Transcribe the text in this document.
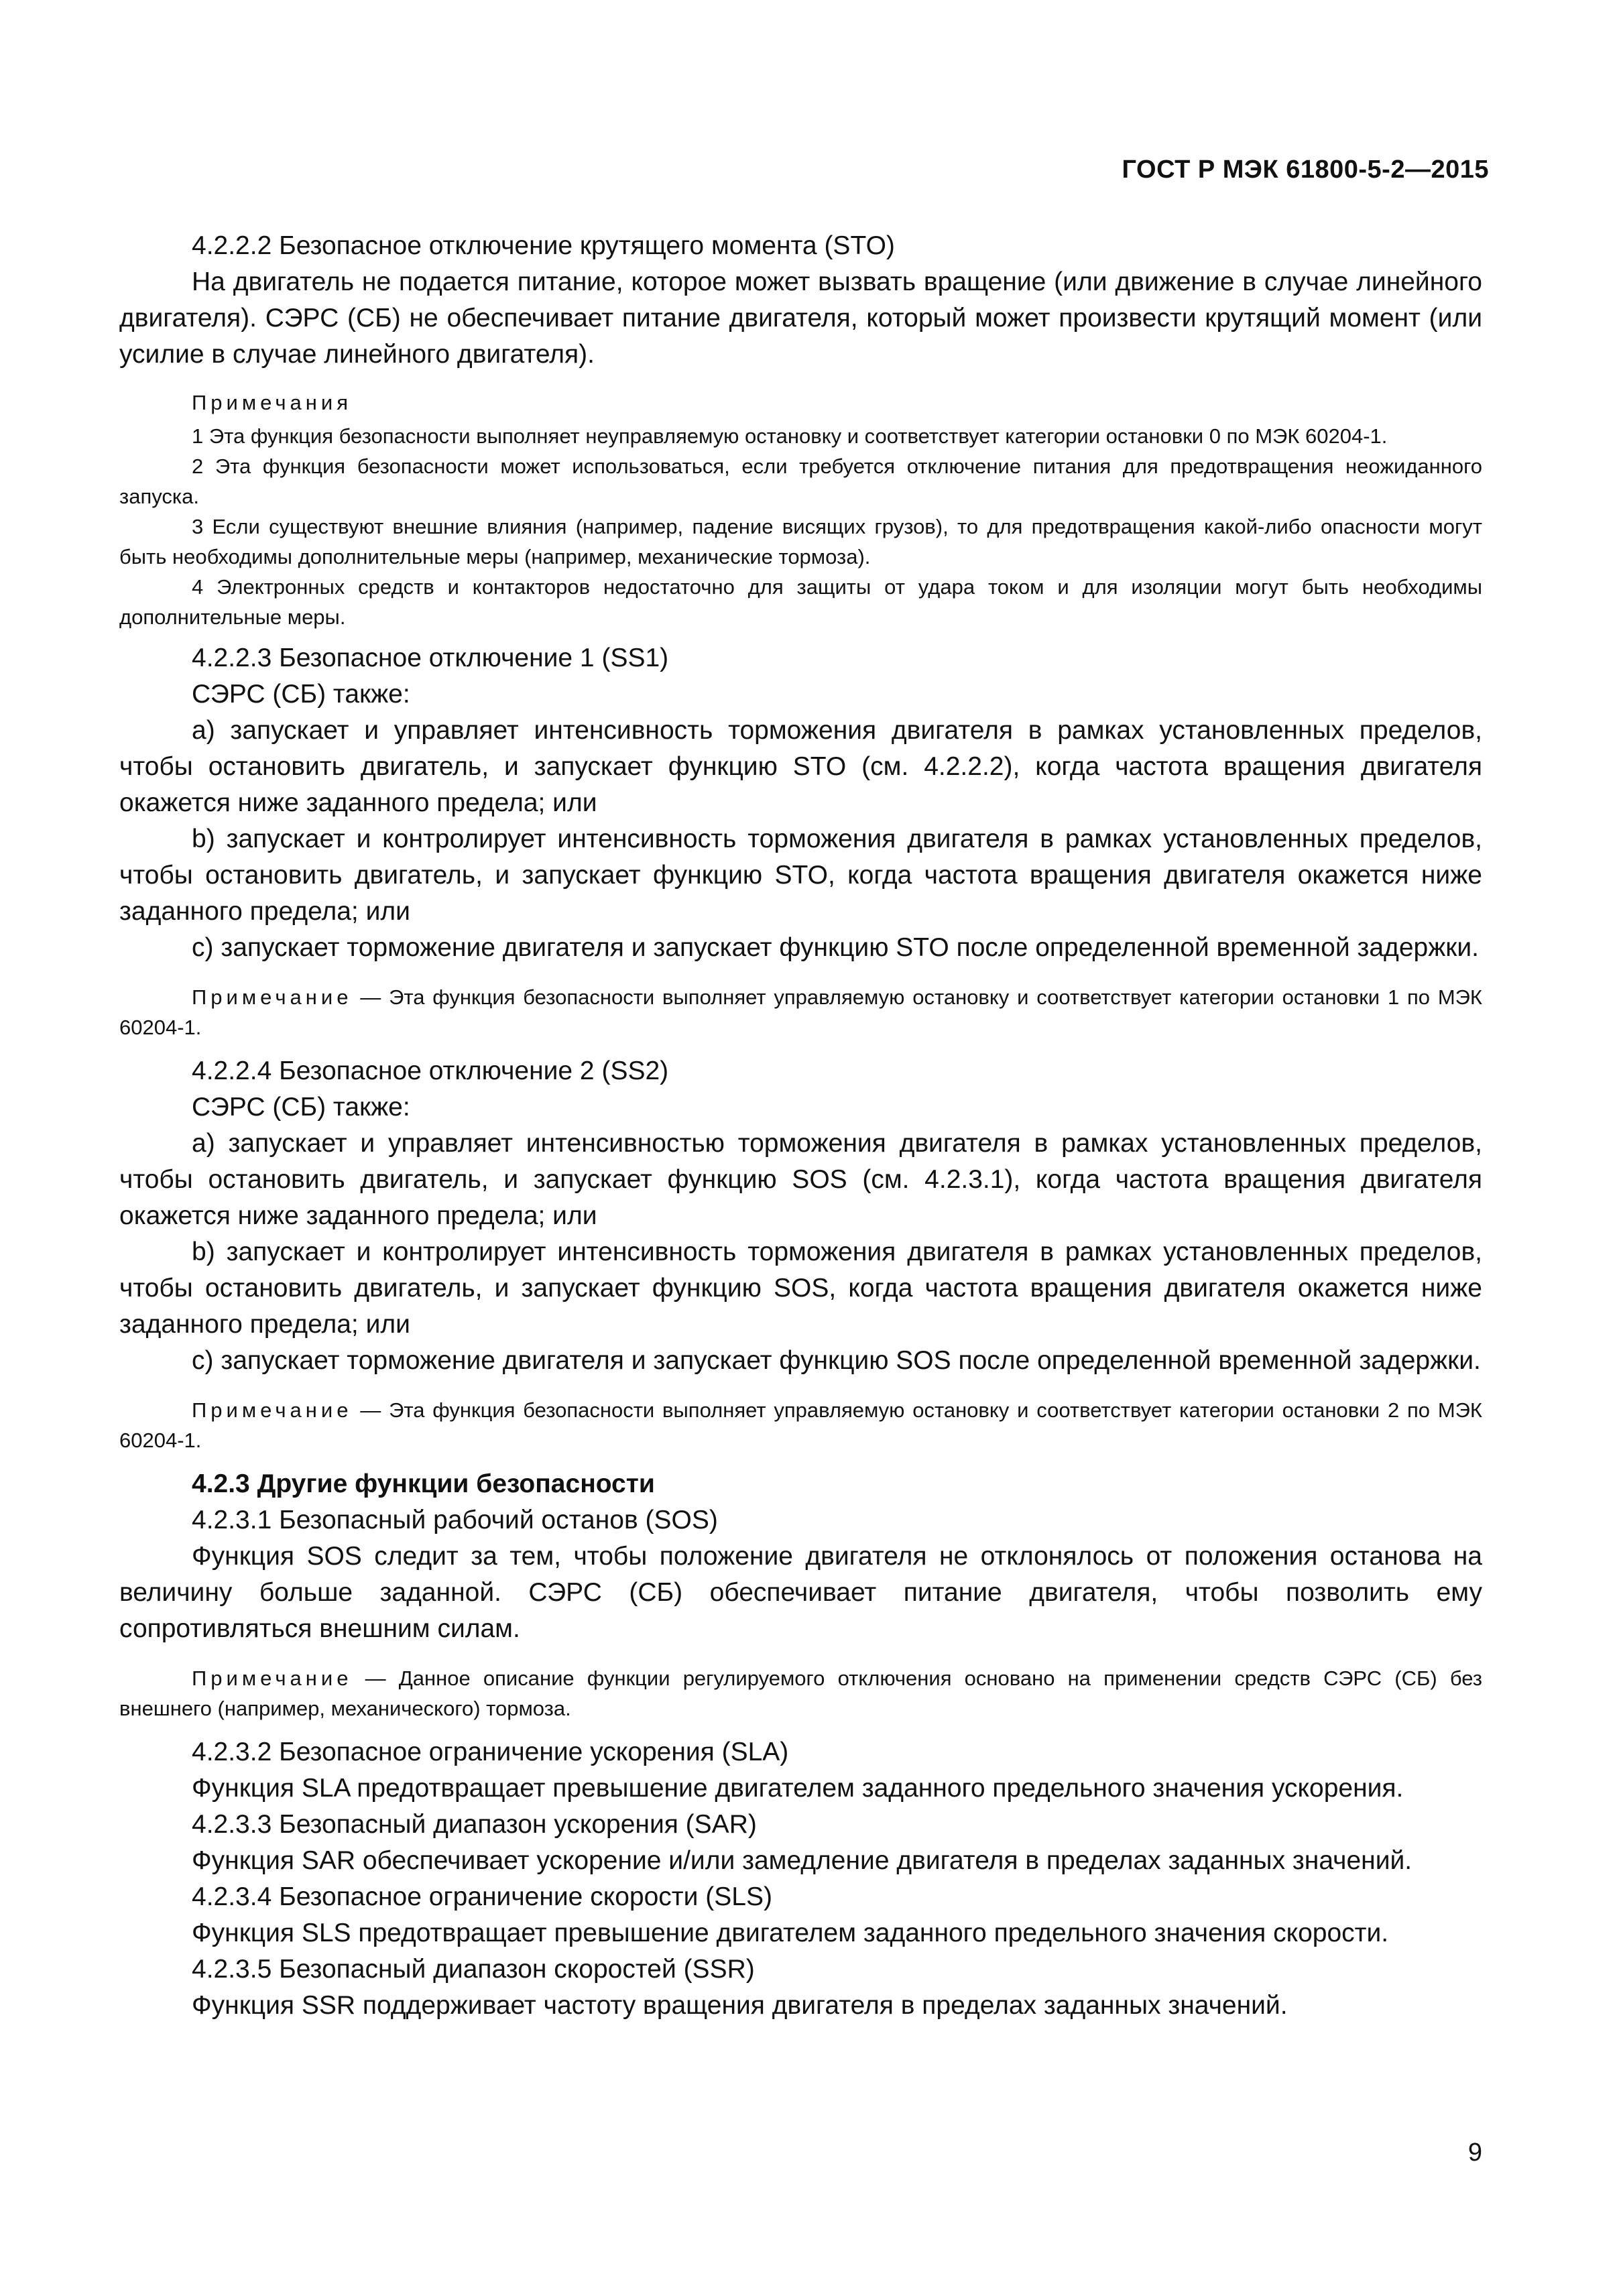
ГОСТ Р МЭК 61800-5-2—2015

4.2.2.2 Безопасное отключение крутящего момента (STO)

На двигатель не подается питание, которое может вызвать вращение (или движение в случае линейного двигателя). СЭРС (СБ) не обеспечивает питание двигателя, который может произвести крутящий момент (или усилие в случае линейного двигателя).

Примечания

1 Эта функция безопасности выполняет неуправляемую остановку и соответствует категории остановки 0 по МЭК 60204-1.

2 Эта функция безопасности может использоваться, если требуется отключение питания для предотвращения неожиданного запуска.

3 Если существуют внешние влияния (например, падение висящих грузов), то для предотвращения какой-либо опасности могут быть необходимы дополнительные меры (например, механические тормоза).

4 Электронных средств и контакторов недостаточно для защиты от удара током и для изоляции могут быть необходимы дополнительные меры.

4.2.2.3 Безопасное отключение 1 (SS1)

СЭРС (СБ) также:

a) запускает и управляет интенсивность торможения двигателя в рамках установленных пределов, чтобы остановить двигатель, и запускает функцию STO (см. 4.2.2.2), когда частота вращения двигателя окажется ниже заданного предела; или

b) запускает и контролирует интенсивность торможения двигателя в рамках установленных пределов, чтобы остановить двигатель, и запускает функцию STO, когда частота вращения двигателя окажется ниже заданного предела; или

c) запускает торможение двигателя и запускает функцию STO после определенной временной задержки.

Примечание — Эта функция безопасности выполняет управляемую остановку и соответствует категории остановки 1 по МЭК 60204-1.

4.2.2.4 Безопасное отключение 2 (SS2)

СЭРС (СБ) также:

a) запускает и управляет интенсивностью торможения двигателя в рамках установленных пределов, чтобы остановить двигатель, и запускает функцию SOS (см. 4.2.3.1), когда частота вращения двигателя окажется ниже заданного предела; или

b) запускает и контролирует интенсивность торможения двигателя в рамках установленных пределов, чтобы остановить двигатель, и запускает функцию SOS, когда частота вращения двигателя окажется ниже заданного предела; или

c) запускает торможение двигателя и запускает функцию SOS после определенной временной задержки.

Примечание — Эта функция безопасности выполняет управляемую остановку и соответствует категории остановки 2 по МЭК 60204-1.

4.2.3 Другие функции безопасности

4.2.3.1 Безопасный рабочий останов (SOS)

Функция SOS следит за тем, чтобы положение двигателя не отклонялось от положения останова на величину больше заданной. СЭРС (СБ) обеспечивает питание двигателя, чтобы позволить ему сопротивляться внешним силам.

Примечание — Данное описание функции регулируемого отключения основано на применении средств СЭРС (СБ) без внешнего (например, механического) тормоза.

4.2.3.2 Безопасное ограничение ускорения (SLA)

Функция SLA предотвращает превышение двигателем заданного предельного значения ускорения.

4.2.3.3 Безопасный диапазон ускорения (SAR)

Функция SAR обеспечивает ускорение и/или замедление двигателя в пределах заданных значений.

4.2.3.4 Безопасное ограничение скорости (SLS)

Функция SLS предотвращает превышение двигателем заданного предельного значения скорости.

4.2.3.5 Безопасный диапазон скоростей (SSR)

Функция SSR поддерживает частоту вращения двигателя в пределах заданных значений.

9
